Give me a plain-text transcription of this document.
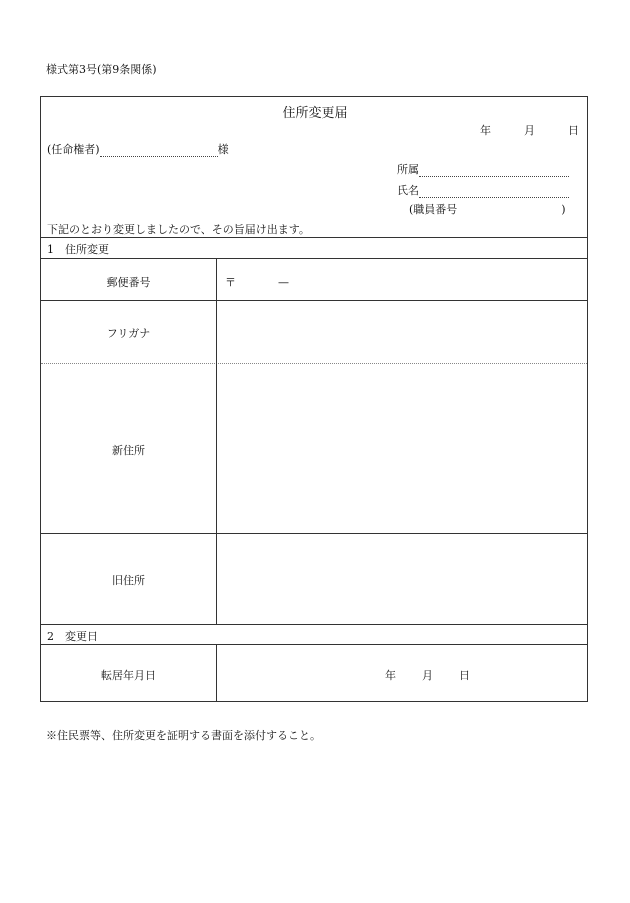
様式第3号(第9条関係)
住所変更届
年	月	日
(任命権者)	様
所属
氏名
(職員番号	)
下記のとおり変更しましたので、その旨届け出ます。
1　住所変更
2　変更日
郵便番号	〒	—
フリガナ
新住所
旧住所
転居年月日	年 月 日
※住民票等、住所変更を証明する書面を添付すること。
